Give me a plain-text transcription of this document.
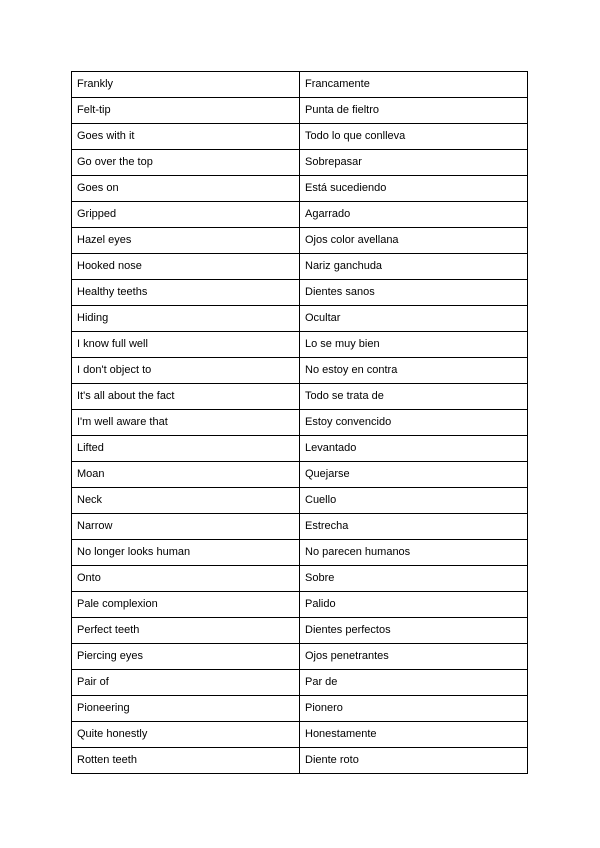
Frankly	Francamente
Felt-tip	Punta de fieltro
Goes with it	Todo lo que conlleva
Go over the top	Sobrepasar
Goes on	Está sucediendo
Gripped	Agarrado
Hazel eyes	Ojos color avellana
Hooked nose	Nariz ganchuda
Healthy teeths	Dientes sanos
Hiding	Ocultar
I know full well	Lo se muy bien
I don't object to	No estoy en contra
It's all about the fact	Todo se trata de
I'm well aware that	Estoy convencido
Lifted	Levantado
Moan	Quejarse
Neck	Cuello
Narrow	Estrecha
No longer looks human	No parecen humanos
Onto	Sobre
Pale complexion	Palido
Perfect teeth	Dientes perfectos
Piercing eyes	Ojos penetrantes
Pair of	Par de
Pioneering	Pionero
Quite honestly	Honestamente
Rotten teeth	Diente roto
